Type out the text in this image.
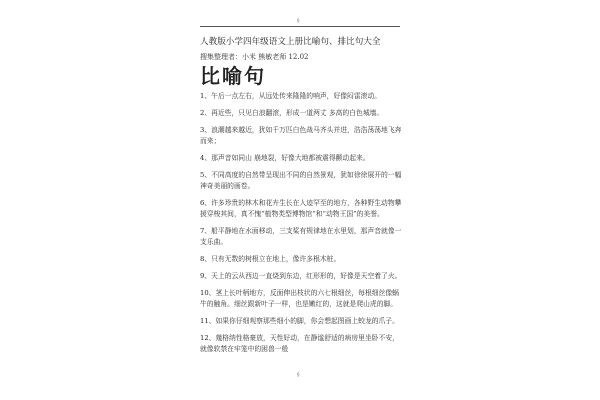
§

人教版小学四年级语文上册比喻句、排比句大全

搜集整理者：小米 熊敏老师 12.02

比喻句
1、午后一点左右，从远处传来隆隆的响声，好像闷雷滚动。
2、再近些，只见白浪翻滚，形成一道两丈 多高的白色城墙。
3、浪潮越来越近，犹如千万匹白色战马齐头并进，浩浩荡荡地飞奔而来；
4、那声音如同山 崩地裂，好像大地都被震得颤动起来。
5、不同高度的自然带呈现出不同的自然景观，犹如徐徐展开的一幅神奇美丽的画卷。
6、许多珍贵的林木和花卉生长在人迹罕至的地方，各种野生动物攀援穿梭其间，真不愧“植物类型博物馆”和“动物王国”的美誉。
7、船平静地在水面移动，三支桨有规律地在水里划，那声音就像一支乐曲。
8、只有无数的树根立在地上，像许多根木桩。
9、天上的云从西边一直烧到东边，红形形的，好像是天空着了火。
10、茎上长叶柄地方，反面伸出枝状的六七根细丝，每根细丝像蜗牛的触角。细丝跟新叶子一样，也是嫩红的，这就是爬山虎的脚。
11、如果你仔细观察那些细小的脚，你会想起图画上蛟龙的爪子。
12、幾格纳性格豪放，天性好动，在静谧舒适的病房里坐卧不安，就像软禁在牢笼中的困兽一般
§
